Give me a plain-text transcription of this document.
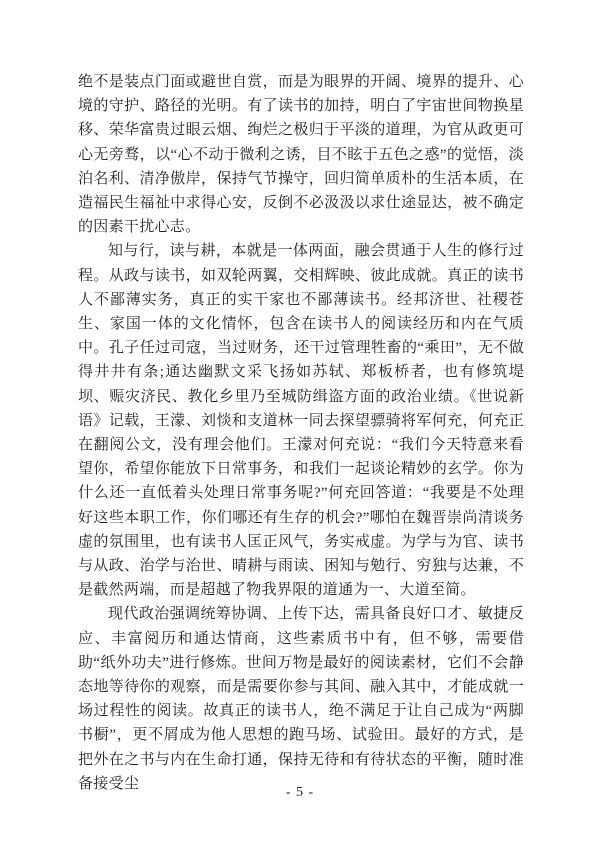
绝不是装点门面或避世自赏，而是为眼界的开阔、境界的提升、心境的守护、路径的光明。有了读书的加持，明白了宇宙世间物换星移、荣华富贵过眼云烟、绚烂之极归于平淡的道理，为官从政更可心无旁骛，以“心不动于微利之诱，目不眩于五色之惑”的觉悟，淡泊名利、清净傲岸，保持气节操守，回归简单质朴的生活本质，在造福民生福祉中求得心安，反倒不必汲汲以求仕途显达，被不确定的因素干扰心志。

知与行，读与耕，本就是一体两面，融会贯通于人生的修行过程。从政与读书，如双轮两翼，交相辉映、彼此成就。真正的读书人不鄙薄实务，真正的实干家也不鄙薄读书。经邦济世、社稷苍生、家国一体的文化情怀，包含在读书人的阅读经历和内在气质中。孔子任过司寇，当过财务，还干过管理牲畜的“乘田”，无不做得井井有条;通达幽默文采飞扬如苏轼、郑板桥者，也有修筑堤坝、赈灾济民、教化乡里乃至城防缉盗方面的政治业绩。《世说新语》记载，王濛、刘惔和支道林一同去探望骠骑将军何充，何充正在翻阅公文，没有理会他们。王濛对何充说：“我们今天特意来看望你，希望你能放下日常事务，和我们一起谈论精妙的玄学。你为什么还一直低着头处理日常事务呢?”何充回答道：“我要是不处理好这些本职工作，你们哪还有生存的机会?”哪怕在魏晋崇尚清谈务虚的氛围里，也有读书人匡正风气，务实戒虚。为学与为官、读书与从政、治学与治世、晴耕与雨读、困知与勉行、穷独与达兼，不是截然两端，而是超越了物我界限的道通为一、大道至简。

现代政治强调统筹协调、上传下达，需具备良好口才、敏捷反应、丰富阅历和通达情商，这些素质书中有，但不够，需要借助“纸外功夫”进行修炼。世间万物是最好的阅读素材，它们不会静态地等待你的观察，而是需要你参与其间、融入其中，才能成就一场过程性的阅读。故真正的读书人，绝不满足于让自己成为“两脚书橱”，更不屑成为他人思想的跑马场、试验田。最好的方式，是把外在之书与内在生命打通，保持无待和有待状态的平衡，随时准备接受尘

- 5 -
